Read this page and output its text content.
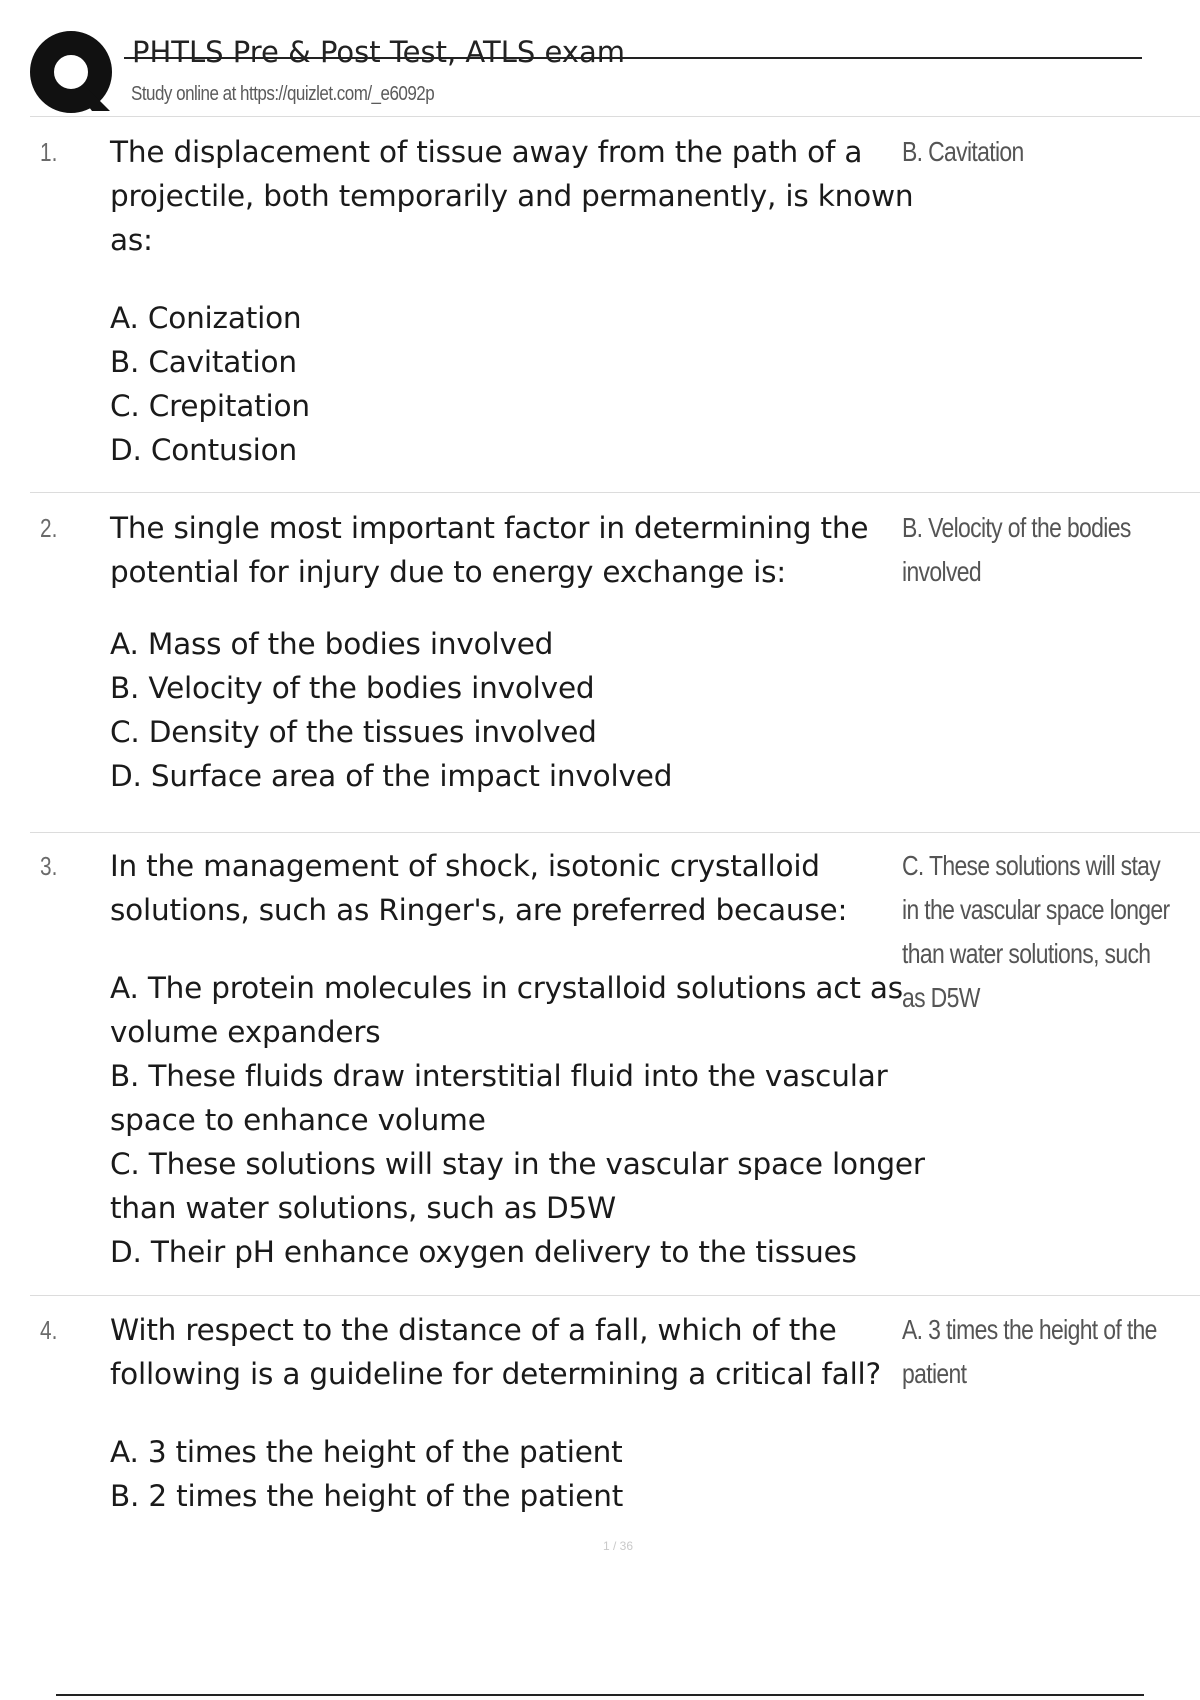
PHTLS Pre & Post Test, ATLS exam
Study online at https://quizlet.com/_e6092p
1. The displacement of tissue away from the path of a projectile, both temporarily and permanently, is known as:
A. Conization
B. Cavitation
C. Crepitation
D. Contusion
B. Cavitation
2. The single most important factor in determining the potential for injury due to energy exchange is:
A. Mass of the bodies involved
B. Velocity of the bodies involved
C. Density of the tissues involved
D. Surface area of the impact involved
B. Velocity of the bodies involved
3. In the management of shock, isotonic crystalloid solutions, such as Ringer's, are preferred because:
A. The protein molecules in crystalloid solutions act as volume expanders
B. These fluids draw interstitial fluid into the vascular space to enhance volume
C. These solutions will stay in the vascular space longer than water solutions, such as D5W
D. Their pH enhance oxygen delivery to the tissues
C. These solutions will stay in the vascular space longer than water solutions, such as D5W
4. With respect to the distance of a fall, which of the following is a guideline for determining a critical fall?
A. 3 times the height of the patient
B. 2 times the height of the patient
A. 3 times the height of the patient
1 / 36
